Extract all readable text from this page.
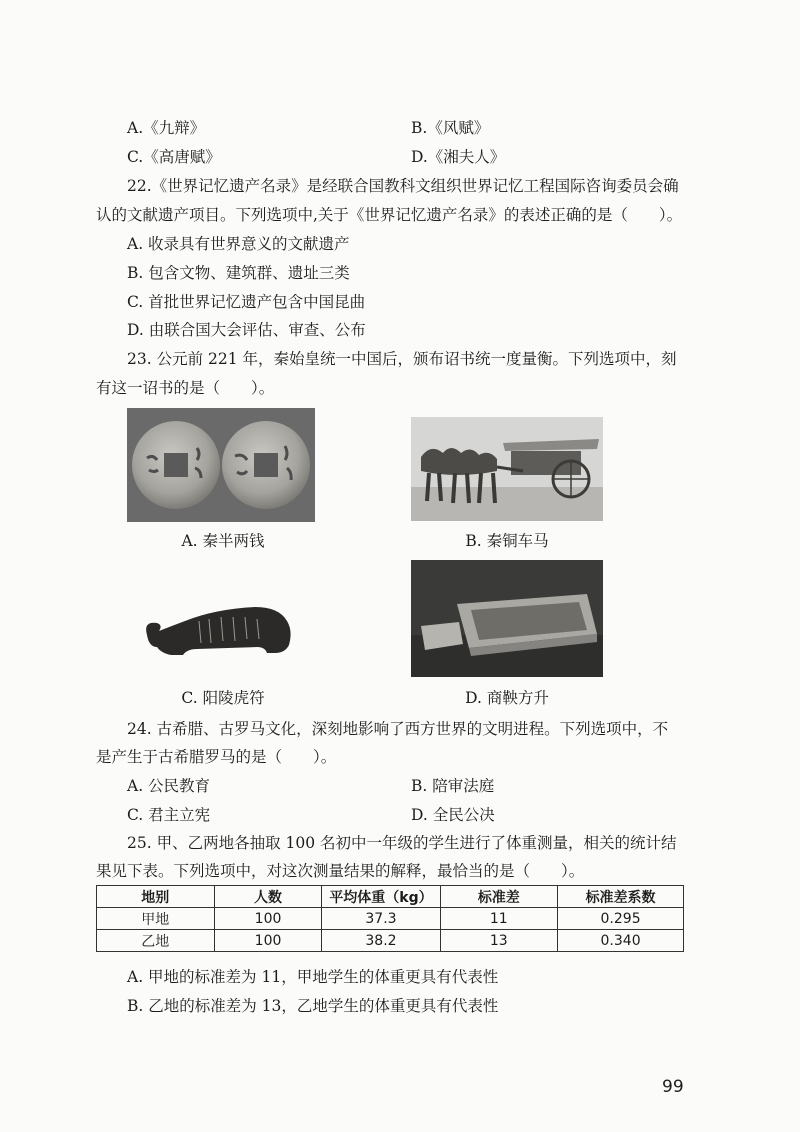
A.《九辩》	B.《风赋》
C.《高唐赋》	D.《湘夫人》
22.《世界记忆遗产名录》是经联合国教科文组织世界记忆工程国际咨询委员会确
认的文献遗产项目。下列选项中,关于《世界记忆遗产名录》的表述正确的是（　　）。
A. 收录具有世界意义的文献遗产
B. 包含文物、建筑群、遗址三类
C. 首批世界记忆遗产包含中国昆曲
D. 由联合国大会评估、审查、公布
23. 公元前 221 年，秦始皇统一中国后，颁布诏书统一度量衡。下列选项中，刻
有这一诏书的是（　　）。
A. 秦半两钱	B. 秦铜车马
C. 阳陵虎符	D. 商鞅方升
24. 古希腊、古罗马文化，深刻地影响了西方世界的文明进程。下列选项中，不
是产生于古希腊罗马的是（　　）。
A. 公民教育	B. 陪审法庭
C. 君主立宪	D. 全民公决
25. 甲、乙两地各抽取 100 名初中一年级的学生进行了体重测量，相关的统计结
果见下表。下列选项中，对这次测量结果的解释，最恰当的是（　　）。
地别	人数	平均体重（kg）	标准差	标准差系数
甲地	100	37.3	11	0.295
乙地	100	38.2	13	0.340
A. 甲地的标准差为 11，甲地学生的体重更具有代表性
B. 乙地的标准差为 13，乙地学生的体重更具有代表性
99
